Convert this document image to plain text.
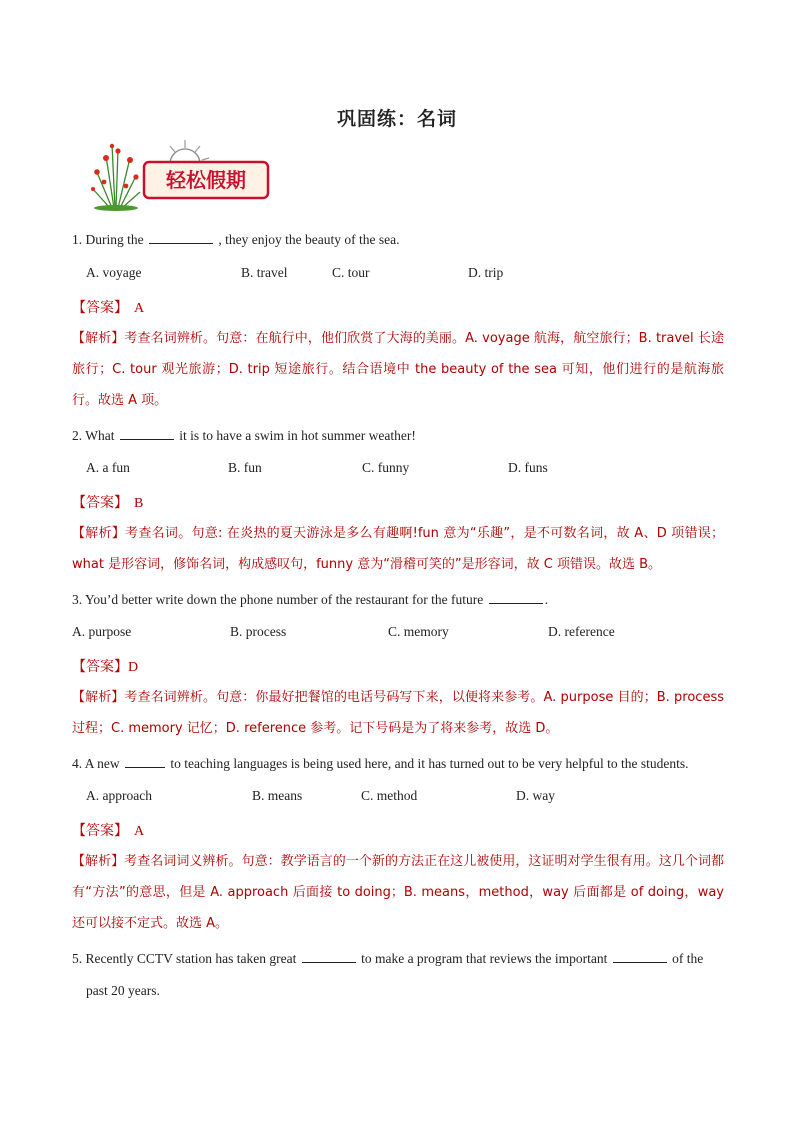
巩固练：名词
轻松假期
1. During the	, they enjoy the beauty of the sea.
A. voyage	B. travel	C. tour	D. trip
【答案】 A
【解析】考查名词辨析。句意：在航行中，他们欣赏了大海的美丽。A. voyage 航海，航空旅行；B. travel 长途旅行；C. tour 观光旅游；D. trip 短途旅行。结合语境中 the beauty of the sea 可知，他们进行的是航海旅行。故选 A 项。
2. What	it is to have a swim in hot summer weather!
A. a fun	B. fun	C. funny	D. funs
【答案】 B
【解析】考查名词。句意: 在炎热的夏天游泳是多么有趣啊!fun 意为“乐趣”，是不可数名词，故 A、D 项错误；what 是形容词，修饰名词，构成感叹句，funny 意为“滑稽可笑的”是形容词，故 C 项错误。故选 B。
3. You’d better write down the phone number of the restaurant for the future	.
A. purpose	B. process	C. memory	D. reference
【答案】D
【解析】考查名词辨析。句意：你最好把餐馆的电话号码写下来，以便将来参考。A. purpose 目的；B. process 过程；C. memory 记忆；D. reference 参考。记下号码是为了将来参考，故选 D。
4. A new	to teaching languages is being used here, and it has turned out to be very helpful to the students.
A. approach	B. means	C. method	D. way
【答案】 A
【解析】考查名词词义辨析。句意：教学语言的一个新的方法正在这儿被使用，这证明对学生很有用。这几个词都有“方法”的意思，但是 A. approach 后面接 to doing；B. means，method，way 后面都是 of doing，way 还可以接不定式。故选 A。
5. Recently CCTV station has taken great	to make a program that reviews the important	of the
past 20 years.
